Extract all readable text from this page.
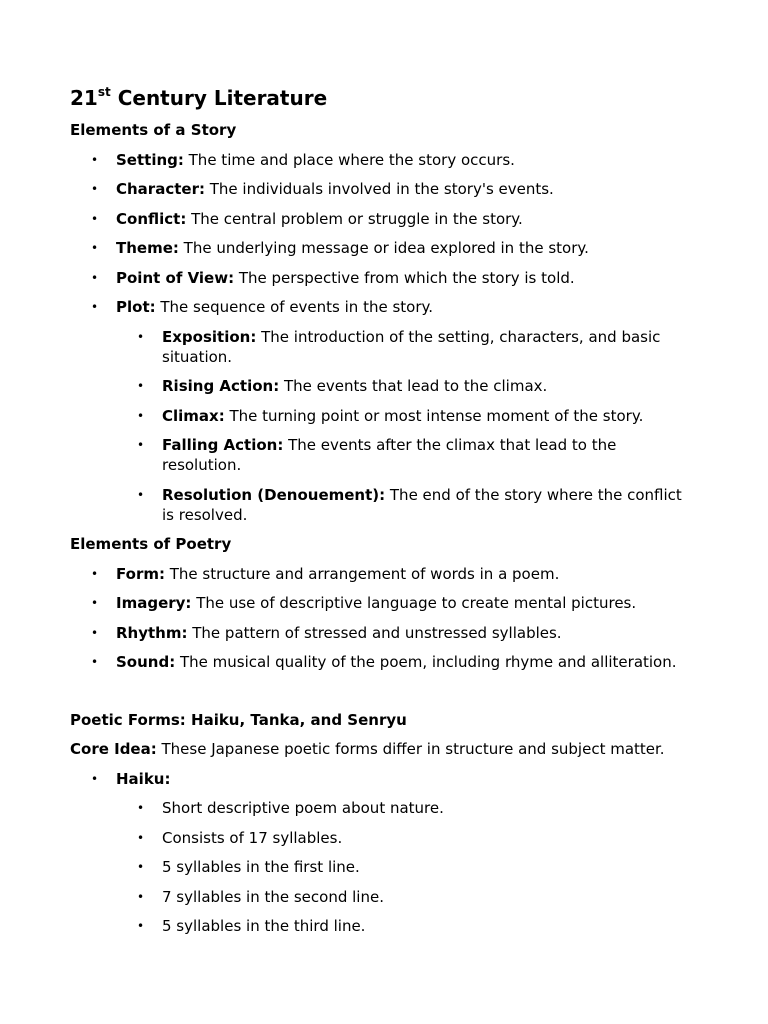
21st Century Literature
Elements of a Story
• Setting: The time and place where the story occurs.
• Character: The individuals involved in the story's events.
• Conflict: The central problem or struggle in the story.
• Theme: The underlying message or idea explored in the story.
• Point of View: The perspective from which the story is told.
• Plot: The sequence of events in the story.
• Exposition: The introduction of the setting, characters, and basic situation.
• Rising Action: The events that lead to the climax.
• Climax: The turning point or most intense moment of the story.
• Falling Action: The events after the climax that lead to the resolution.
• Resolution (Denouement): The end of the story where the conflict is resolved.
Elements of Poetry
• Form: The structure and arrangement of words in a poem.
• Imagery: The use of descriptive language to create mental pictures.
• Rhythm: The pattern of stressed and unstressed syllables.
• Sound: The musical quality of the poem, including rhyme and alliteration.
Poetic Forms: Haiku, Tanka, and Senryu
Core Idea: These Japanese poetic forms differ in structure and subject matter.
• Haiku:
• Short descriptive poem about nature.
• Consists of 17 syllables.
• 5 syllables in the first line.
• 7 syllables in the second line.
• 5 syllables in the third line.
